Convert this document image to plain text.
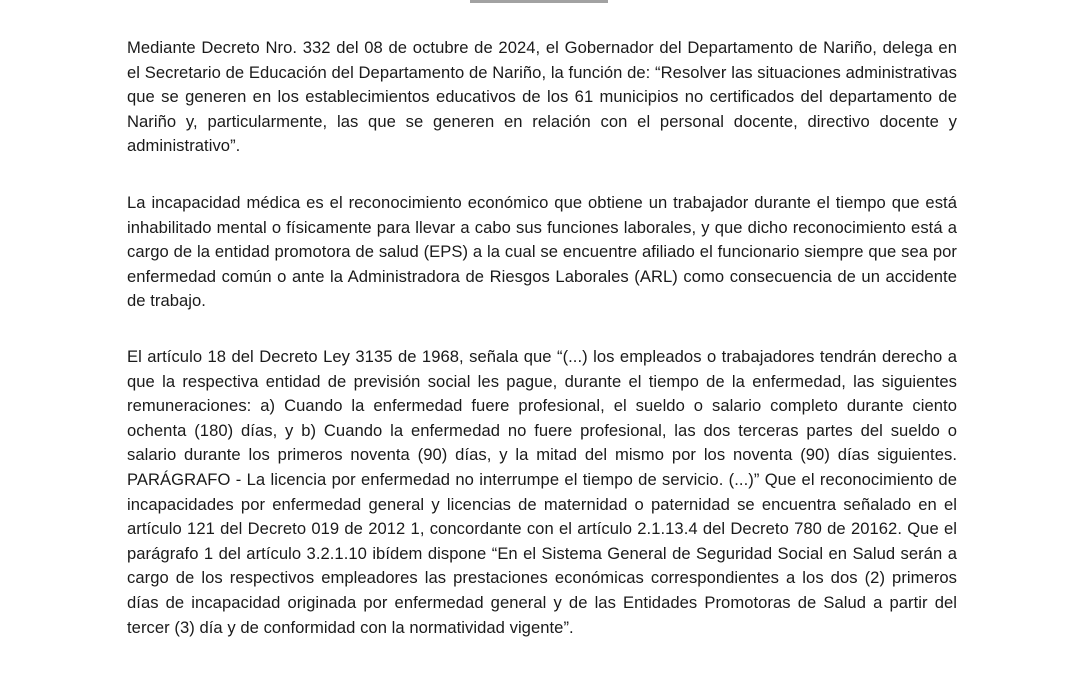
Mediante Decreto Nro. 332 del 08 de octubre de 2024, el Gobernador del Departamento de Nariño, delega en el Secretario de Educación del Departamento de Nariño, la función de: “Resolver las situaciones administrativas que se generen en los establecimientos educativos de los 61 municipios no certificados del departamento de Nariño y, particularmente, las que se generen en relación con el personal docente, directivo docente y administrativo”.

La incapacidad médica es el reconocimiento económico que obtiene un trabajador durante el tiempo que está inhabilitado mental o físicamente para llevar a cabo sus funciones laborales, y que dicho reconocimiento está a cargo de la entidad promotora de salud (EPS) a la cual se encuentre afiliado el funcionario siempre que sea por enfermedad común o ante la Administradora de Riesgos Laborales (ARL) como consecuencia de un accidente de trabajo.

El artículo 18 del Decreto Ley 3135 de 1968, señala que “(...) los empleados o trabajadores tendrán derecho a que la respectiva entidad de previsión social les pague, durante el tiempo de la enfermedad, las siguientes remuneraciones: a) Cuando la enfermedad fuere profesional, el sueldo o salario completo durante ciento ochenta (180) días, y b) Cuando la enfermedad no fuere profesional, las dos terceras partes del sueldo o salario durante los primeros noventa (90) días, y la mitad del mismo por los noventa (90) días siguientes. PARÁGRAFO - La licencia por enfermedad no interrumpe el tiempo de servicio. (...)” Que el reconocimiento de incapacidades por enfermedad general y licencias de maternidad o paternidad se encuentra señalado en el artículo 121 del Decreto 019 de 2012 1, concordante con el artículo 2.1.13.4 del Decreto 780 de 20162. Que el parágrafo 1 del artículo 3.2.1.10 ibídem dispone “En el Sistema General de Seguridad Social en Salud serán a cargo de los respectivos empleadores las prestaciones económicas correspondientes a los dos (2) primeros días de incapacidad originada por enfermedad general y de las Entidades Promotoras de Salud a partir del tercer (3) día y de conformidad con la normatividad vigente”.
